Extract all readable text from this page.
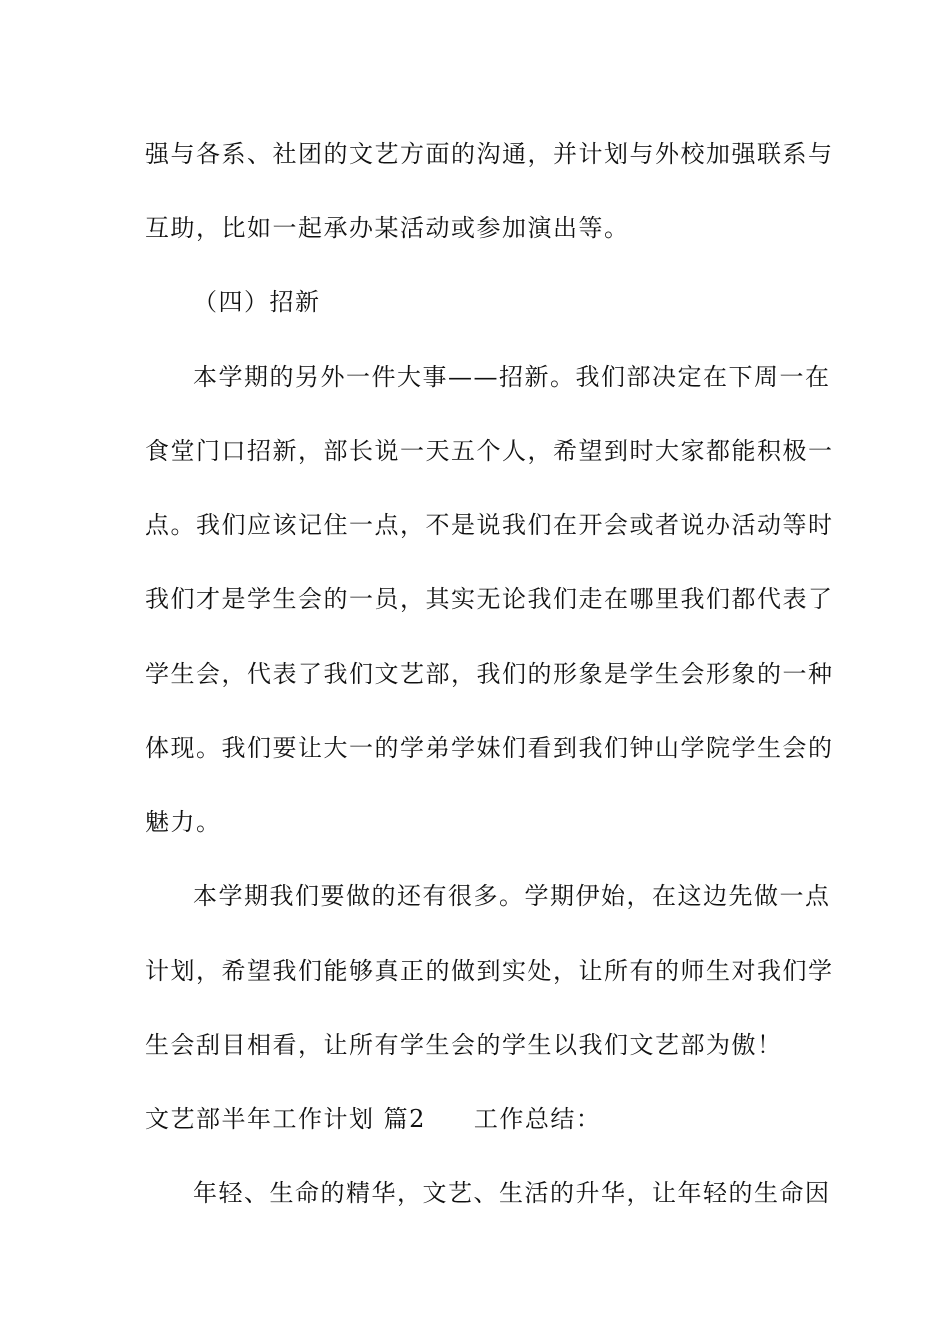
强与各系、社团的文艺方面的沟通，并计划与外校加强联系与
互助，比如一起承办某活动或参加演出等。
（四）招新
本学期的另外一件大事——招新。我们部决定在下周一在
食堂门口招新，部长说一天五个人，希望到时大家都能积极一
点。我们应该记住一点，不是说我们在开会或者说办活动等时
我们才是学生会的一员，其实无论我们走在哪里我们都代表了
学生会，代表了我们文艺部，我们的形象是学生会形象的一种
体现。我们要让大一的学弟学妹们看到我们钟山学院学生会的
魅力。
本学期我们要做的还有很多。学期伊始，在这边先做一点
计划，希望我们能够真正的做到实处，让所有的师生对我们学
生会刮目相看，让所有学生会的学生以我们文艺部为傲！
文艺部半年工作计划 篇2 工作总结：
年轻、生命的精华，文艺、生活的升华，让年轻的生命因
